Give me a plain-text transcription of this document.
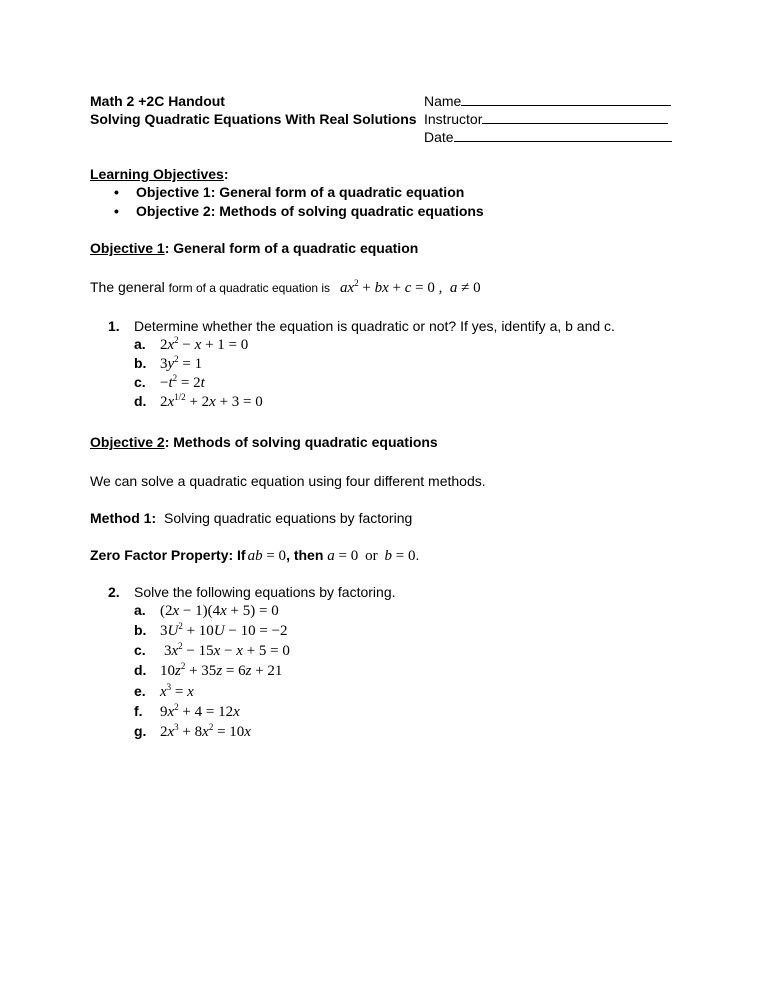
Math 2 +2C Handout
Solving Quadratic Equations With Real Solutions
Name
Instructor
Date
Learning Objectives:
• Objective 1: General form of a quadratic equation
• Objective 2: Methods of solving quadratic equations
Objective 1: General form of a quadratic equation
The general form of a quadratic equation is $ax^2$ + bx + c = 0 ,  a ≠ 0
1. Determine whether the equation is quadratic or not? If yes, identify a, b and c.
a. $2x^2 - x + 1 = 0$
b. $3y^2 = 1$
c. $-t^2 = 2t$
d. $2x^{1/2} + 2x + 3 = 0$
Objective 2: Methods of solving quadratic equations
We can solve a quadratic equation using four different methods.
Method 1: Solving quadratic equations by factoring
Zero Factor Property: If ab = 0, then a = 0 or b = 0.
2. Solve the following equations by factoring.
a. (2x − 1)(4x + 5) = 0
b. $3U^2 + 10U - 10 = -2$
c. $3x^2 - 15x - x + 5 = 0$
d. $10z^2 + 35z = 6z + 21$
e. $x^3 = x$
f. $9x^2 + 4 = 12x$
g. $2x^3 + 8x^2 = 10x$
